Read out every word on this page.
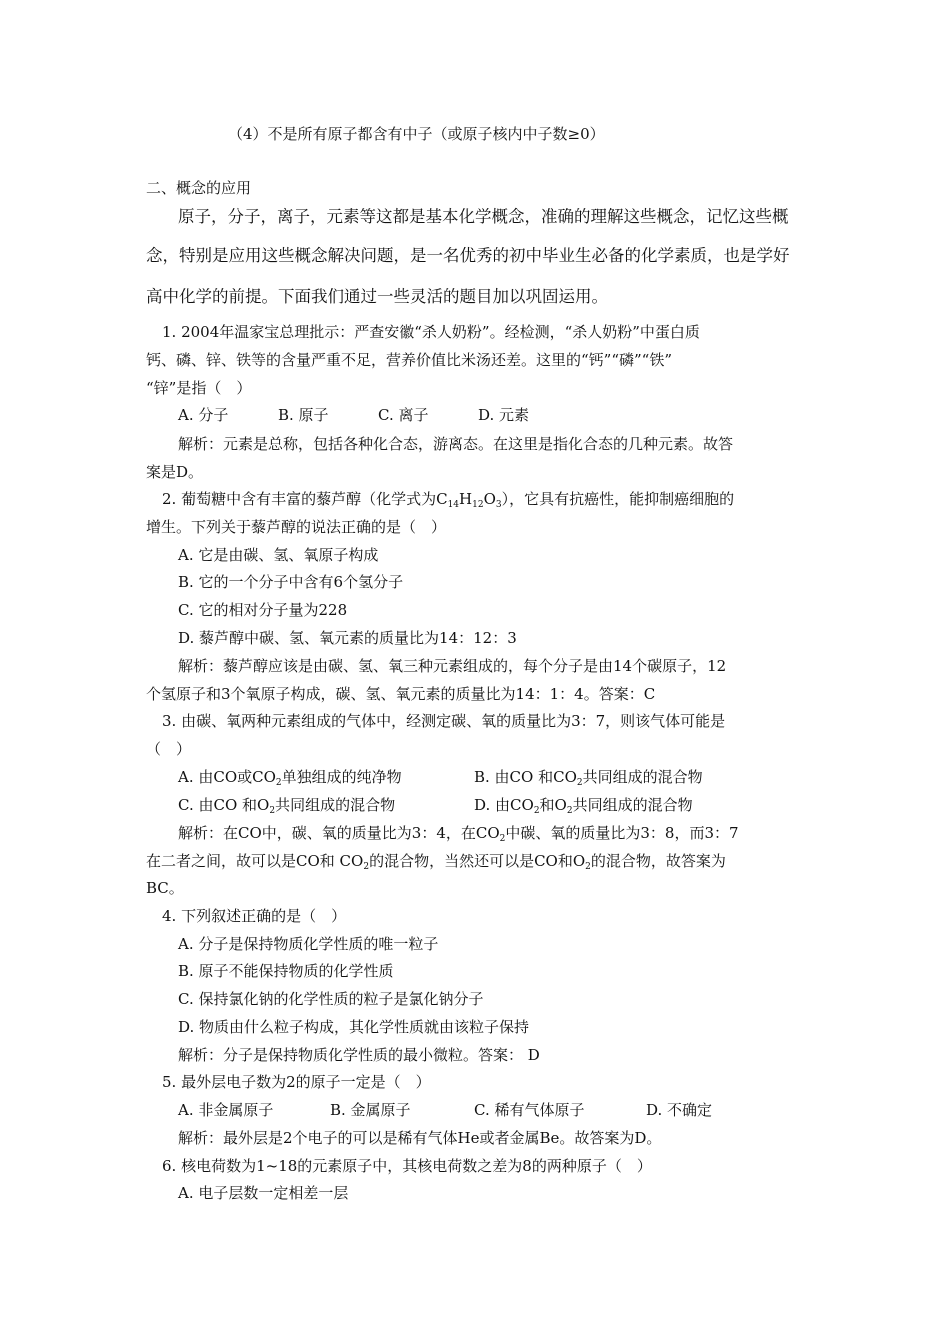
（4）不是所有原子都含有中子（或原子核内中子数≥0）
二、概念的应用
原子，分子，离子，元素等这都是基本化学概念，准确的理解这些概念，记忆这些概
念，特别是应用这些概念解决问题，是一名优秀的初中毕业生必备的化学素质，也是学好
高中化学的前提。下面我们通过一些灵活的题目加以巩固运用。
1. 2004年温家宝总理批示：严查安徽“杀人奶粉”。经检测，“杀人奶粉”中蛋白质
钙、磷、锌、铁等的含量严重不足，营养价值比米汤还差。这里的“钙”“磷”“铁”
“锌”是指（　）
A. 分子	B. 原子	C. 离子	D. 元素
解析：元素是总称，包括各种化合态，游离态。在这里是指化合态的几种元素。故答
案是D。
2. 葡萄糖中含有丰富的藜芦醇（化学式为$C_{14}H_{12}O_3$），它具有抗癌性，能抑制癌细胞的
增生。下列关于藜芦醇的说法正确的是（　）
A. 它是由碳、氢、氧原子构成
B. 它的一个分子中含有6个氢分子
C. 它的相对分子量为228
D. 藜芦醇中碳、氢、氧元素的质量比为14：12：3
解析：藜芦醇应该是由碳、氢、氧三种元素组成的，每个分子是由14个碳原子，12
个氢原子和3个氧原子构成，碳、氢、氧元素的质量比为14：1：4。答案：C
3. 由碳、氧两种元素组成的气体中，经测定碳、氧的质量比为3：7，则该气体可能是
（　）
A. 由CO或$CO_2$单独组成的纯净物	B. 由CO 和$CO_2$共同组成的混合物
C. 由CO 和$O_2$共同组成的混合物	D. 由$CO_2$和$O_2$共同组成的混合物
解析：在CO中，碳、氧的质量比为3：4，在$CO_2$中碳、氧的质量比为3：8，而3：7
在二者之间，故可以是CO和 $CO_2$的混合物，当然还可以是CO和$O_2$的混合物，故答案为
BC。
4. 下列叙述正确的是（　）
A. 分子是保持物质化学性质的唯一粒子
B. 原子不能保持物质的化学性质
C. 保持氯化钠的化学性质的粒子是氯化钠分子
D. 物质由什么粒子构成，其化学性质就由该粒子保持
解析：分子是保持物质化学性质的最小微粒。答案： D
5. 最外层电子数为2的原子一定是（　）
A. 非金属原子	B. 金属原子	C. 稀有气体原子	D. 不确定
解析：最外层是2个电子的可以是稀有气体He或者金属Be。故答案为D。
6. 核电荷数为1~18的元素原子中，其核电荷数之差为8的两种原子（　）
A. 电子层数一定相差一层
